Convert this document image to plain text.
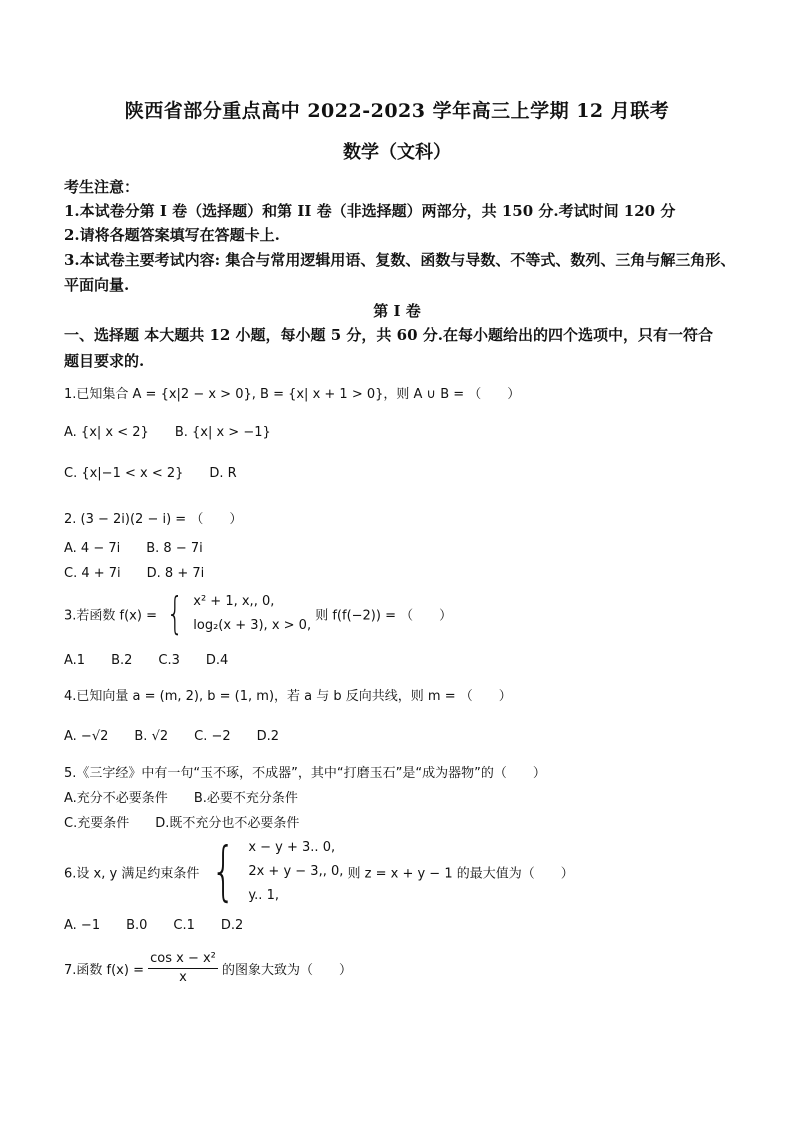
陕西省部分重点高中 2022-2023 学年高三上学期 12 月联考
数学（文科）
考生注意：
1.本试卷分第 I 卷（选择题）和第 II 卷（非选择题）两部分，共 150 分.考试时间 120 分
2.请将各题答案填写在答题卡上.
3.本试卷主要考试内容: 集合与常用逻辑用语、复数、函数与导数、不等式、数列、三角与解三角形、
平面向量.
第 I 卷
一、选择题 本大题共 12 小题，每小题 5 分，共 60 分.在每小题给出的四个选项中，只有一符合
题目要求的.
1.已知集合 A = {x|2 − x > 0}, B = {x| x + 1 > 0}，则 A ∪ B = （　　）
A. {x| x < 2} B. {x| x > −1}
C. {x|−1 < x < 2} D. R
2. (3 − 2i)(2 − i) = （　　）
A. 4 − 7i B. 8 − 7i
C. 4 + 7i D. 8 + 7i
3.若函数 f(x) = { x² + 1, x,, 0,
log₂(x + 3), x > 0,
则 f(f(−2)) = （　　）
A.1 B.2 C.3 D.4
4.已知向量 a = (m, 2), b = (1, m)，若 a 与 b 反向共线，则 m = （　　）
A. −√2 B. √2 C. −2 D.2
5.《三字经》中有一句“玉不琢，不成器”，其中“打磨玉石”是“成为器物”的（　　）
A.充分不必要条件 B.必要不充分条件
C.充要条件 D.既不充分也不必要条件
6.设 x, y 满足约束条件 { x − y + 3.. 0,
2x + y − 3,, 0,
y.. 1,
则 z = x + y − 1 的最大值为（　　）
A. −1 B.0 C.1 D.2
7.函数 $f(x) = \frac{\text{cos x − x²}}{x}$ 的图象大致为（　　）
